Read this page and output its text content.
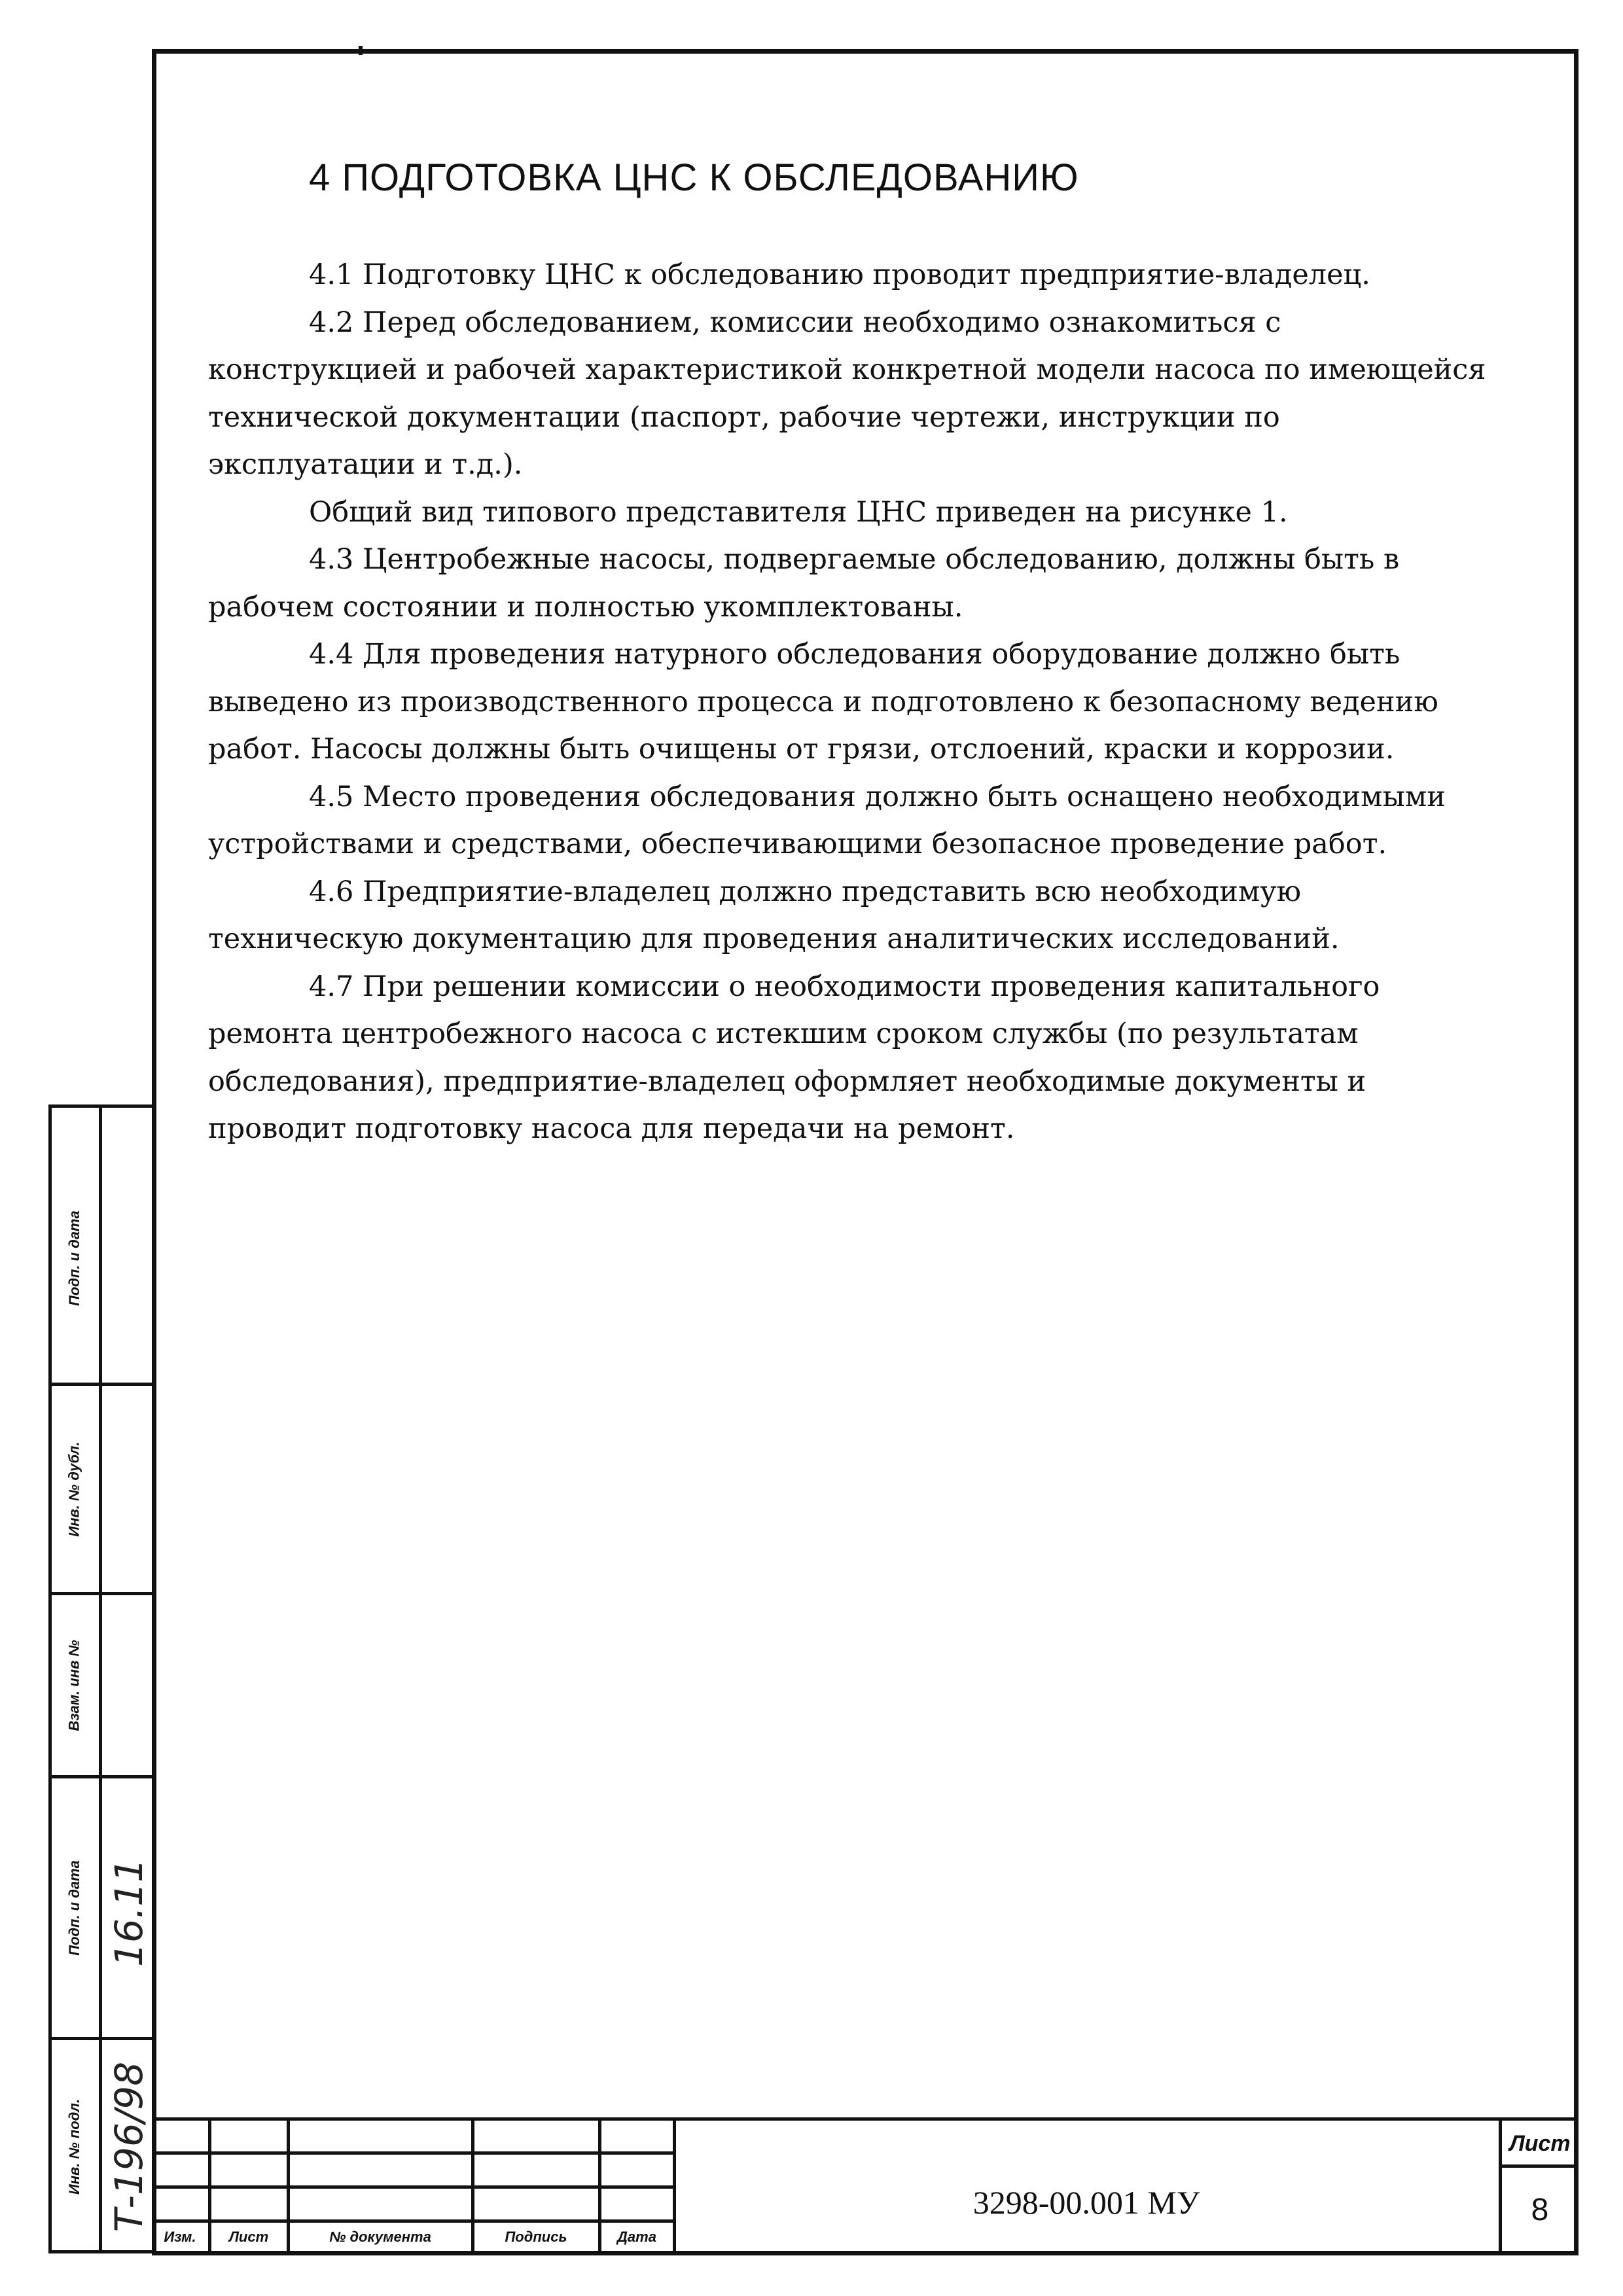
4 ПОДГОТОВКА ЦНС К ОБСЛЕДОВАНИЮ

4.1 Подготовку ЦНС к обследованию проводит предприятие-владелец.

4.2 Перед обследованием, комиссии необходимо ознакомиться с конструкцией и рабочей характеристикой конкретной модели насоса по имеющейся технической документации (паспорт, рабочие чертежи, инструкции по эксплуатации и т.д.).

Общий вид типового представителя ЦНС приведен на рисунке 1.

4.3 Центробежные насосы, подвергаемые обследованию, должны быть в рабочем состоянии и полностью укомплектованы.

4.4 Для проведения натурного обследования оборудование должно быть выведено из производственного процесса и подготовлено к безопасному ведению работ. Насосы должны быть очищены от грязи, отслоений, краски и коррозии.

4.5 Место проведения обследования должно быть оснащено необходимыми устройствами и средствами, обеспечивающими безопасное проведение работ.

4.6 Предприятие-владелец должно представить всю необходимую техническую документацию для проведения аналитических исследований.

4.7 При решении комиссии о необходимости проведения капитального ремонта центробежного насоса с истекшим сроком службы (по результатам обследования), предприятие-владелец оформляет необходимые документы и проводит подготовку насоса для передачи на ремонт.

Подп. и дата
Инв. № дубл.
Взам. инв №
Подп. и дата
Инв. № подл.
16.11
Т-196/98
Изм.	Лист	№ документа	Подпись	Дата
3298-00.001 МУ
Лист
8
